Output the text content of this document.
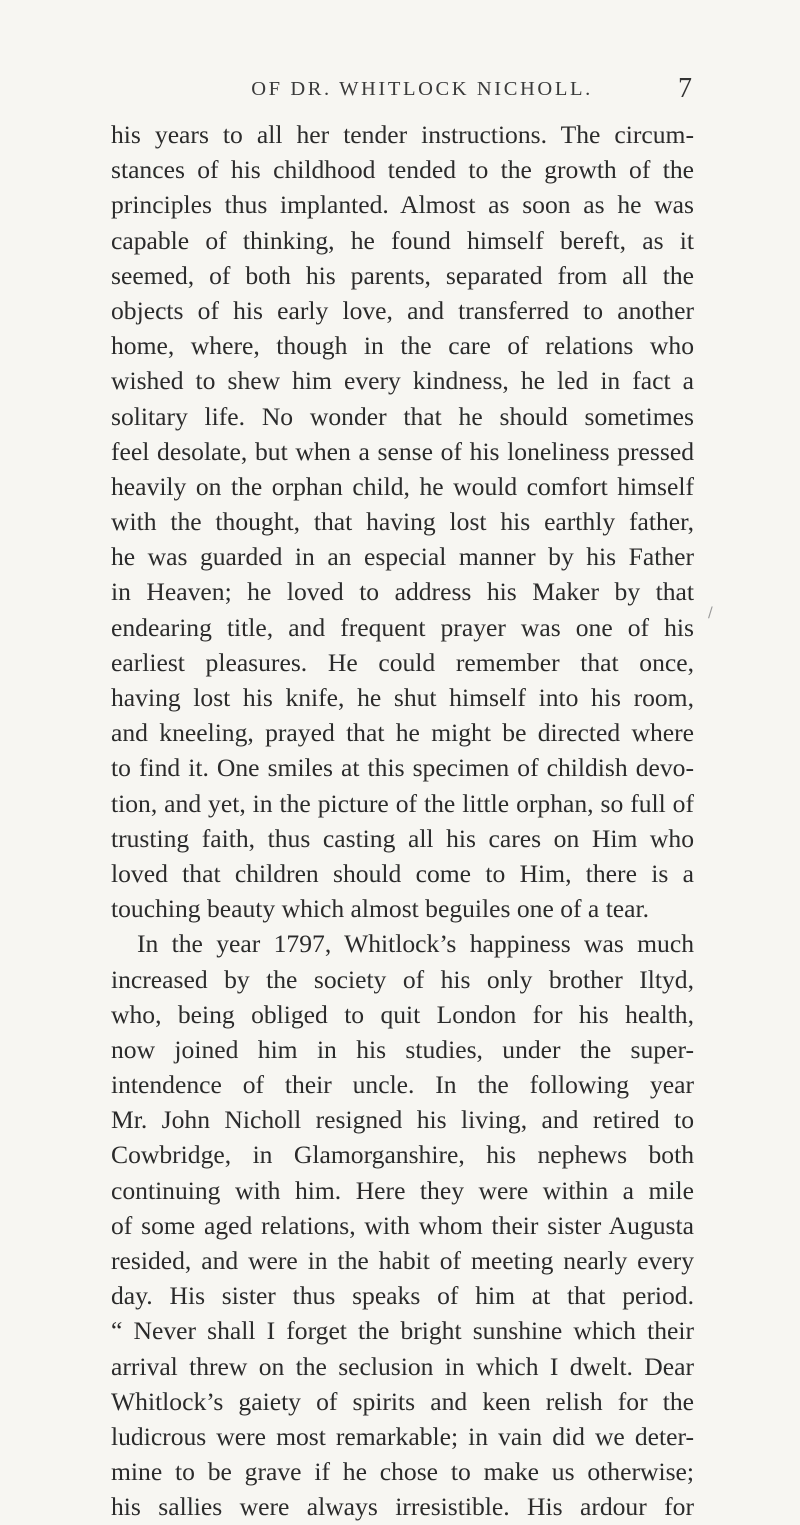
OF DR. WHITLOCK NICHOLL.	7
his years to all her tender instructions. The circum-
stances of his childhood tended to the growth of the
principles thus implanted. Almost as soon as he was
capable of thinking, he found himself bereft, as it
seemed, of both his parents, separated from all the
objects of his early love, and transferred to another
home, where, though in the care of relations who
wished to shew him every kindness, he led in fact a
solitary life. No wonder that he should sometimes
feel desolate, but when a sense of his loneliness pressed
heavily on the orphan child, he would comfort himself
with the thought, that having lost his earthly father,
he was guarded in an especial manner by his Father
in Heaven; he loved to address his Maker by that
endearing title, and frequent prayer was one of his
earliest pleasures. He could remember that once,
having lost his knife, he shut himself into his room,
and kneeling, prayed that he might be directed where
to find it. One smiles at this specimen of childish devo-
tion, and yet, in the picture of the little orphan, so full of
trusting faith, thus casting all his cares on Him who
loved that children should come to Him, there is a
touching beauty which almost beguiles one of a tear.
In the year 1797, Whitlock’s happiness was much
increased by the society of his only brother Iltyd,
who, being obliged to quit London for his health,
now joined him in his studies, under the super-
intendence of their uncle. In the following year
Mr. John Nicholl resigned his living, and retired to
Cowbridge, in Glamorganshire, his nephews both
continuing with him. Here they were within a mile
of some aged relations, with whom their sister Augusta
resided, and were in the habit of meeting nearly every
day. His sister thus speaks of him at that period.
“ Never shall I forget the bright sunshine which their
arrival threw on the seclusion in which I dwelt. Dear
Whitlock’s gaiety of spirits and keen relish for the
ludicrous were most remarkable; in vain did we deter-
mine to be grave if he chose to make us otherwise;
his sallies were always irresistible. His ardour for
/
